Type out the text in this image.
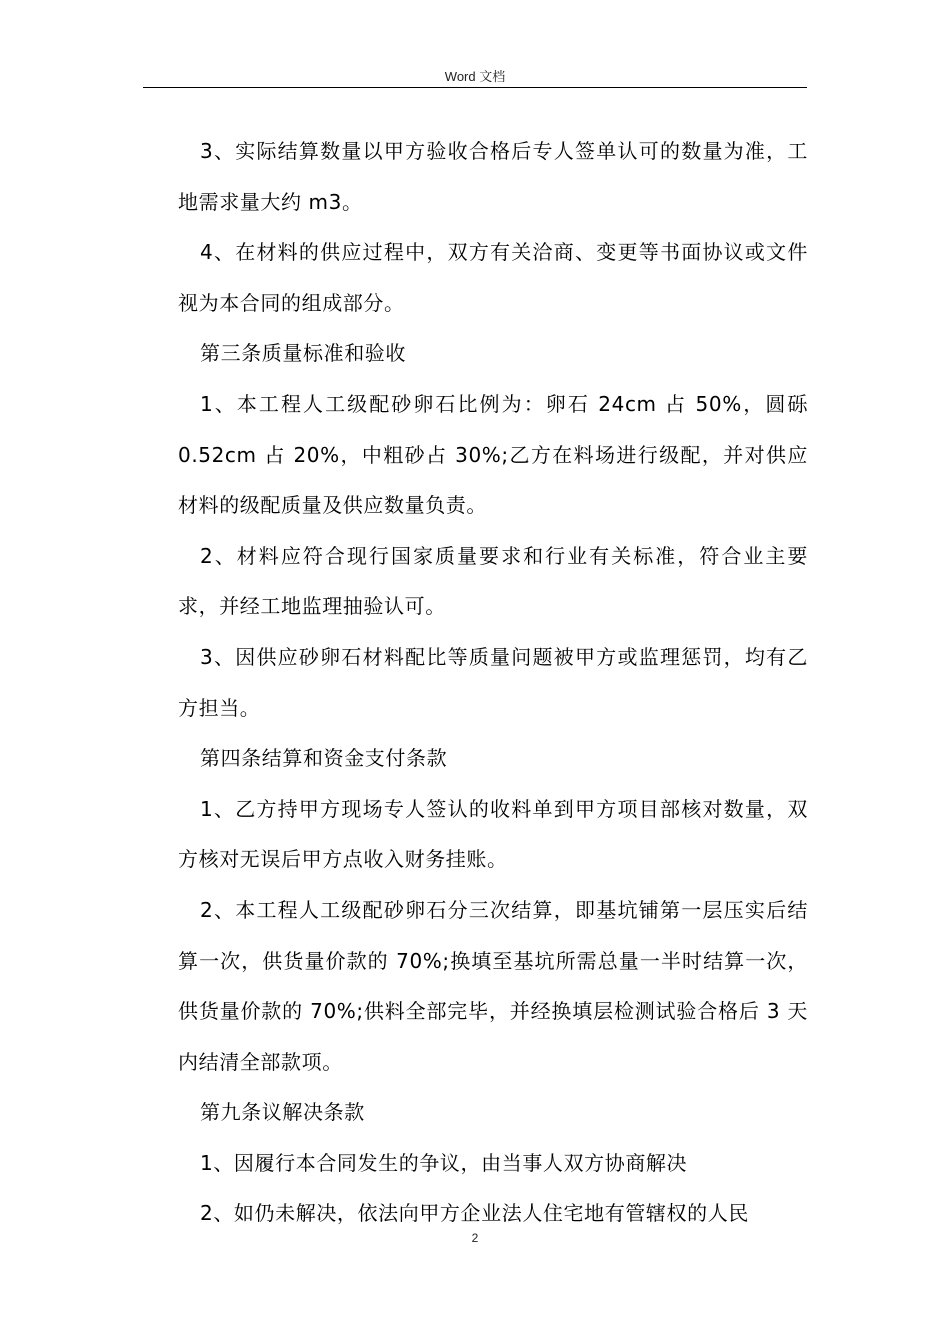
Word 文档

3、实际结算数量以甲方验收合格后专人签单认可的数量为准，工地需求量大约 m3。

4、在材料的供应过程中，双方有关洽商、变更等书面协议或文件视为本合同的组成部分。

第三条质量标准和验收

1、本工程人工级配砂卵石比例为：卵石 24cm 占 50%，圆砾 0.52cm 占 20%，中粗砂占 30%;乙方在料场进行级配，并对供应材料的级配质量及供应数量负责。

2、材料应符合现行国家质量要求和行业有关标准，符合业主要求，并经工地监理抽验认可。

3、因供应砂卵石材料配比等质量问题被甲方或监理惩罚，均有乙方担当。

第四条结算和资金支付条款

1、乙方持甲方现场专人签认的收料单到甲方项目部核对数量，双方核对无误后甲方点收入财务挂账。

2、本工程人工级配砂卵石分三次结算，即基坑铺第一层压实后结算一次，供货量价款的 70%;换填至基坑所需总量一半时结算一次，供货量价款的 70%;供料全部完毕，并经换填层检测试验合格后 3 天内结清全部款项。

第九条议解决条款

1、因履行本合同发生的争议，由当事人双方协商解决

2、如仍未解决，依法向甲方企业法人住宅地有管辖权的人民

2
